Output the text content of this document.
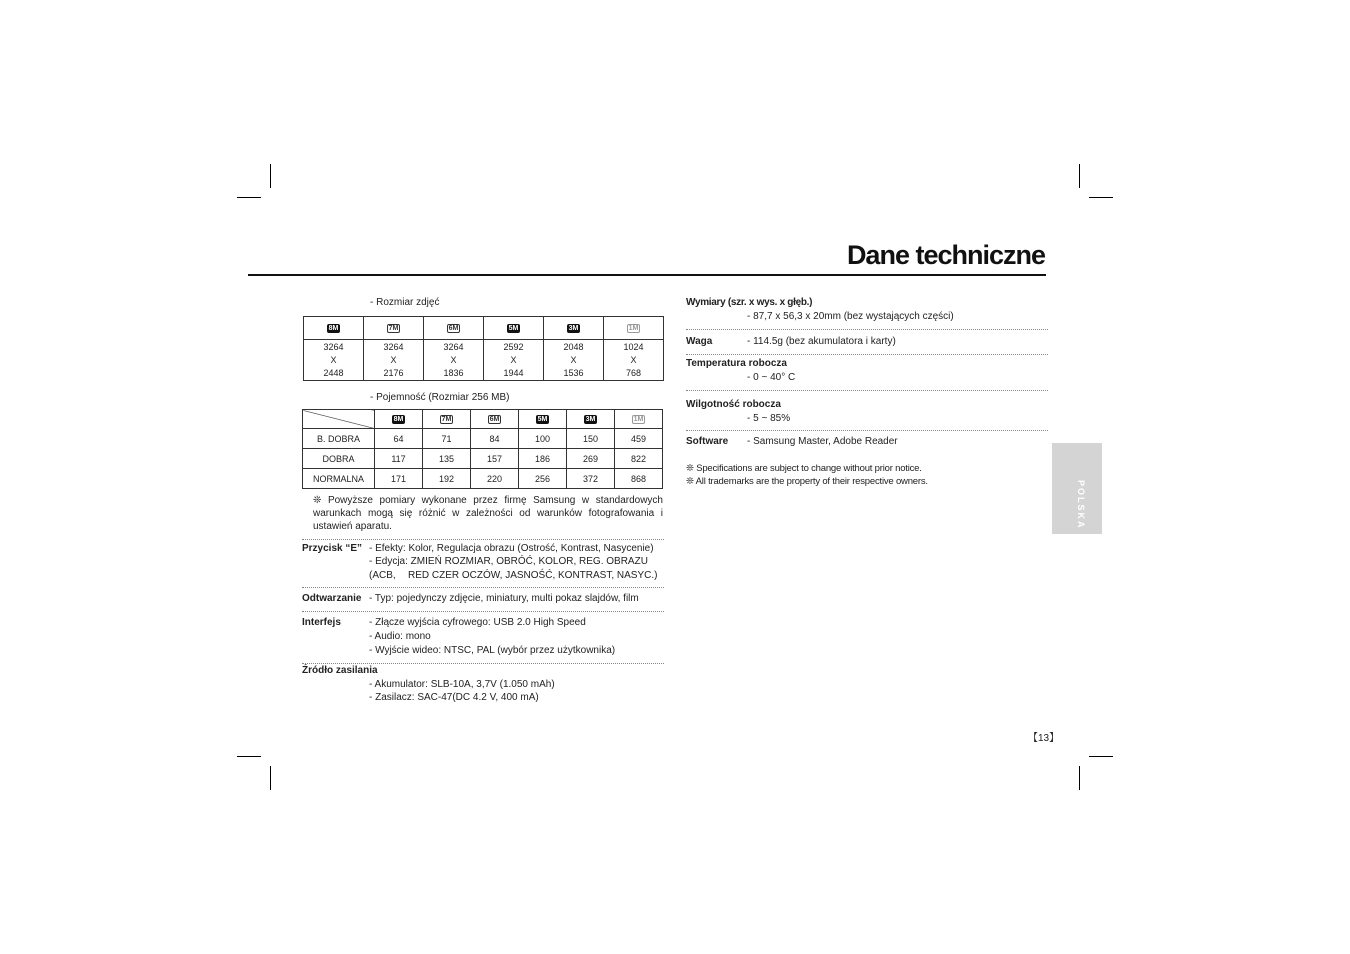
Dane techniczne
- Rozmiar zdjęć
8M	7M	6M	5M	3M	1M
3264
X
2448	3264
X
2176	3264
X
1836	2592
X
1944	2048
X
1536	1024
X
768
- Pojemność (Rozmiar 256 MB)
	8M	7M	6M	5M	3M	1M
B. DOBRA	64	71	84	100	150	459
DOBRA	117	135	157	186	269	822
NORMALNA	171	192	220	256	372	868
❊ Powyższe pomiary wykonane przez firmę Samsung w standardowych warunkach mogą się różnić w zależności od warunków fotografowania i ustawień aparatu.
Przycisk “E” - Efekty: Kolor, Regulacja obrazu (Ostrość, Kontrast, Nasycenie)
- Edycja: ZMIEŃ ROZMIAR, OBRÓĆ, KOLOR, REG. OBRAZU (ACB,	RED CZER OCZÓW, JASNOŚĆ, KONTRAST, NASYC.)
Odtwarzanie - Typ: pojedynczy zdjęcie, miniatury, multi pokaz slajdów, film
Interfejs	- Złącze wyjścia cyfrowego: USB 2.0 High Speed
- Audio: mono
- Wyjście wideo: NTSC, PAL (wybór przez użytkownika)
Źródło zasilania
- Akumulator: SLB-10A, 3,7V (1.050 mAh)
- Zasilacz: SAC-47(DC 4.2 V, 400 mA)
Wymiary (szr. x wys. x głęb.)
- 87,7 x 56,3 x 20mm (bez wystających części)
Waga	- 114.5g (bez akumulatora i karty)
Temperatura robocza
- 0 ~ 40° C
Wilgotność robocza
- 5 ~ 85%
Software - Samsung Master, Adobe Reader
❊ Specifications are subject to change without prior notice.
❊ All trademarks are the property of their respective owners.	POLSKA
【13】
